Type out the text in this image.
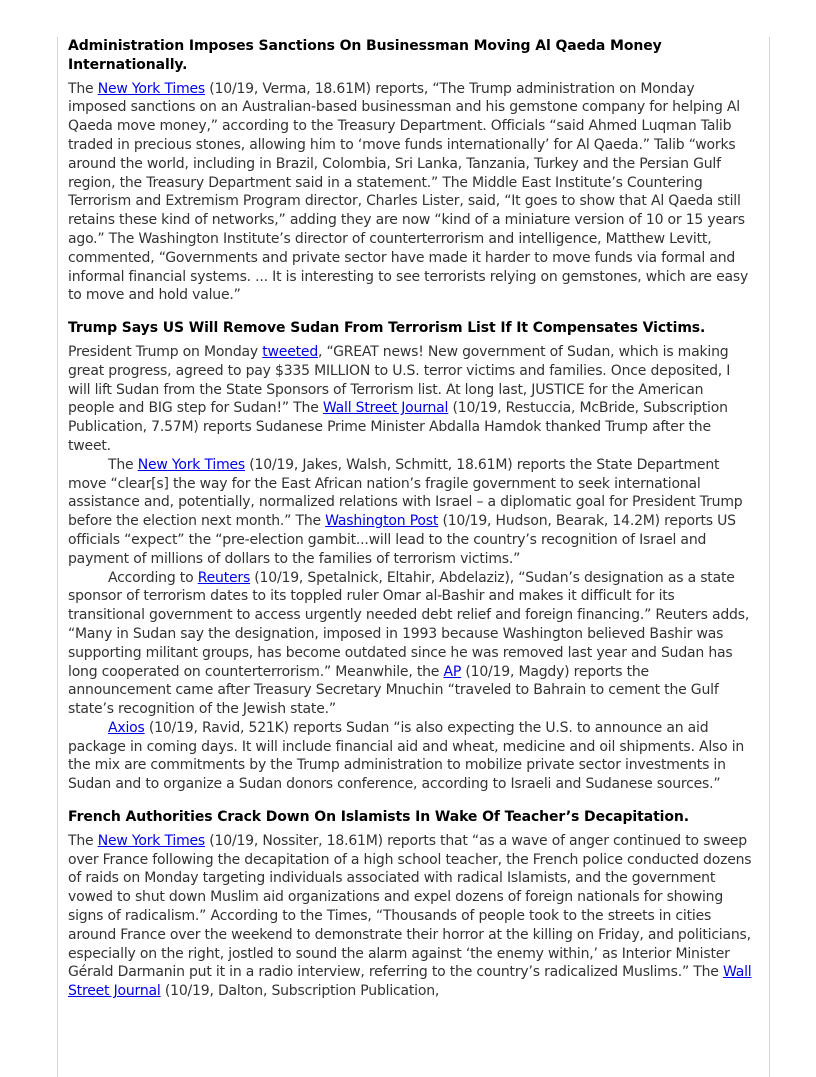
Administration Imposes Sanctions On Businessman Moving Al Qaeda Money Internationally.

The New York Times (10/19, Verma, 18.61M) reports, “The Trump administration on Monday imposed sanctions on an Australian-based businessman and his gemstone company for helping Al Qaeda move money,” according to the Treasury Department. Officials “said Ahmed Luqman Talib traded in precious stones, allowing him to ‘move funds internationally’ for Al Qaeda.” Talib “works around the world, including in Brazil, Colombia, Sri Lanka, Tanzania, Turkey and the Persian Gulf region, the Treasury Department said in a statement.” The Middle East Institute’s Countering Terrorism and Extremism Program director, Charles Lister, said, “It goes to show that Al Qaeda still retains these kind of networks,” adding they are now “kind of a miniature version of 10 or 15 years ago.” The Washington Institute’s director of counterterrorism and intelligence, Matthew Levitt, commented, “Governments and private sector have made it harder to move funds via formal and informal financial systems. ... It is interesting to see terrorists relying on gemstones, which are easy to move and hold value.”

Trump Says US Will Remove Sudan From Terrorism List If It Compensates Victims.

President Trump on Monday tweeted, “GREAT news! New government of Sudan, which is making great progress, agreed to pay $335 MILLION to U.S. terror victims and families. Once deposited, I will lift Sudan from the State Sponsors of Terrorism list. At long last, JUSTICE for the American people and BIG step for Sudan!” The Wall Street Journal (10/19, Restuccia, McBride, Subscription Publication, 7.57M) reports Sudanese Prime Minister Abdalla Hamdok thanked Trump after the tweet.

The New York Times (10/19, Jakes, Walsh, Schmitt, 18.61M) reports the State Department move “clear[s] the way for the East African nation’s fragile government to seek international assistance and, potentially, normalized relations with Israel – a diplomatic goal for President Trump before the election next month.” The Washington Post (10/19, Hudson, Bearak, 14.2M) reports US officials “expect” the “pre-election gambit...will lead to the country’s recognition of Israel and payment of millions of dollars to the families of terrorism victims.”

According to Reuters (10/19, Spetalnick, Eltahir, Abdelaziz), “Sudan’s designation as a state sponsor of terrorism dates to its toppled ruler Omar al-Bashir and makes it difficult for its transitional government to access urgently needed debt relief and foreign financing.” Reuters adds, “Many in Sudan say the designation, imposed in 1993 because Washington believed Bashir was supporting militant groups, has become outdated since he was removed last year and Sudan has long cooperated on counterterrorism.” Meanwhile, the AP (10/19, Magdy) reports the announcement came after Treasury Secretary Mnuchin “traveled to Bahrain to cement the Gulf state’s recognition of the Jewish state.”

Axios (10/19, Ravid, 521K) reports Sudan “is also expecting the U.S. to announce an aid package in coming days. It will include financial aid and wheat, medicine and oil shipments. Also in the mix are commitments by the Trump administration to mobilize private sector investments in Sudan and to organize a Sudan donors conference, according to Israeli and Sudanese sources.”

French Authorities Crack Down On Islamists In Wake Of Teacher’s Decapitation.

The New York Times (10/19, Nossiter, 18.61M) reports that “as a wave of anger continued to sweep over France following the decapitation of a high school teacher, the French police conducted dozens of raids on Monday targeting individuals associated with radical Islamists, and the government vowed to shut down Muslim aid organizations and expel dozens of foreign nationals for showing signs of radicalism.” According to the Times, “Thousands of people took to the streets in cities around France over the weekend to demonstrate their horror at the killing on Friday, and politicians, especially on the right, jostled to sound the alarm against ‘the enemy within,’ as Interior Minister Gérald Darmanin put it in a radio interview, referring to the country’s radicalized Muslims.” The Wall Street Journal (10/19, Dalton, Subscription Publication,
